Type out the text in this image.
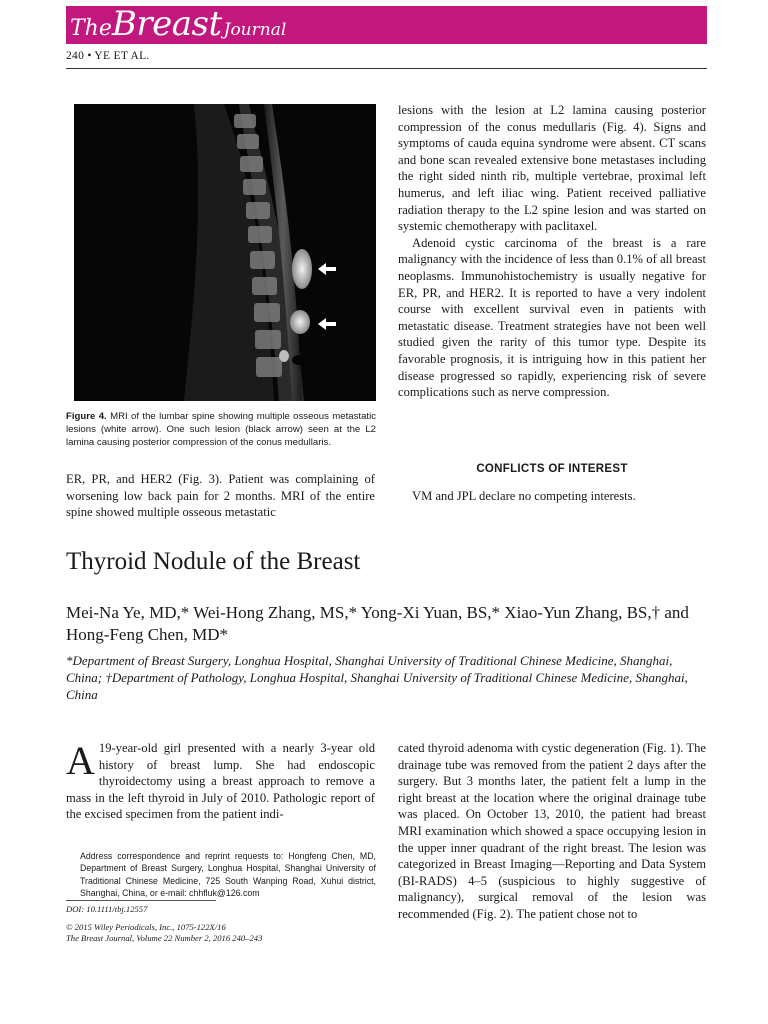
TheBreast Journal
240 • YE ET AL.
Figure 4. MRI of the lumbar spine showing multiple osseous metastatic lesions (white arrow). One such lesion (black arrow) seen at the L2 lamina causing posterior compression of the conus medullaris.

ER, PR, and HER2 (Fig. 3). Patient was complaining of worsening low back pain for 2 months. MRI of the entire spine showed multiple osseous metastatic

lesions with the lesion at L2 lamina causing posterior compression of the conus medullaris (Fig. 4). Signs and symptoms of cauda equina syndrome were absent. CT scans and bone scan revealed extensive bone metastases including the right sided ninth rib, multiple vertebrae, proximal left humerus, and left iliac wing. Patient received palliative radiation therapy to the L2 spine lesion and was started on systemic chemotherapy with paclitaxel.

Adenoid cystic carcinoma of the breast is a rare malignancy with the incidence of less than 0.1% of all breast neoplasms. Immunohistochemistry is usually negative for ER, PR, and HER2. It is reported to have a very indolent course with excellent survival even in patients with metastatic disease. Treatment strategies have not been well studied given the rarity of this tumor type. Despite its favorable prognosis, it is intriguing how in this patient her disease progressed so rapidly, experiencing risk of severe complications such as nerve compression.

CONFLICTS OF INTEREST
VM and JPL declare no competing interests.
Thyroid Nodule of the Breast
Mei-Na Ye, MD,* Wei-Hong Zhang, MS,* Yong-Xi Yuan, BS,* Xiao-Yun Zhang, BS,† and Hong-Feng Chen, MD*
*Department of Breast Surgery, Longhua Hospital, Shanghai University of Traditional Chinese Medicine, Shanghai, China; †Department of Pathology, Longhua Hospital, Shanghai University of Traditional Chinese Medicine, Shanghai, China
A 19-year-old girl presented with a nearly 3-year old history of breast lump. She had endoscopic thyroidectomy using a breast approach to remove a mass in the left thyroid in July of 2010. Pathologic report of the excised specimen from the patient indi-
cated thyroid adenoma with cystic degeneration (Fig. 1). The drainage tube was removed from the patient 2 days after the surgery. But 3 months later, the patient felt a lump in the right breast at the location where the original drainage tube was placed. On October 13, 2010, the patient had breast MRI examination which showed a space occupying lesion in the upper inner quadrant of the right breast. The lesion was categorized in Breast Imaging—Reporting and Data System (BI-RADS) 4–5 (suspicious to highly suggestive of malignancy), surgical removal of the lesion was recommended (Fig. 2). The patient chose not to
Address correspondence and reprint requests to: Hongfeng Chen, MD, Department of Breast Surgery, Longhua Hospital, Shanghai University of Traditional Chinese Medicine, 725 South Wanping Road, Xuhui district, Shanghai, China, or e-mail: chhfluk@126.com
DOI: 10.1111/tbj.12557
© 2015 Wiley Periodicals, Inc., 1075-122X/16
The Breast Journal, Volume 22 Number 2, 2016 240–243
